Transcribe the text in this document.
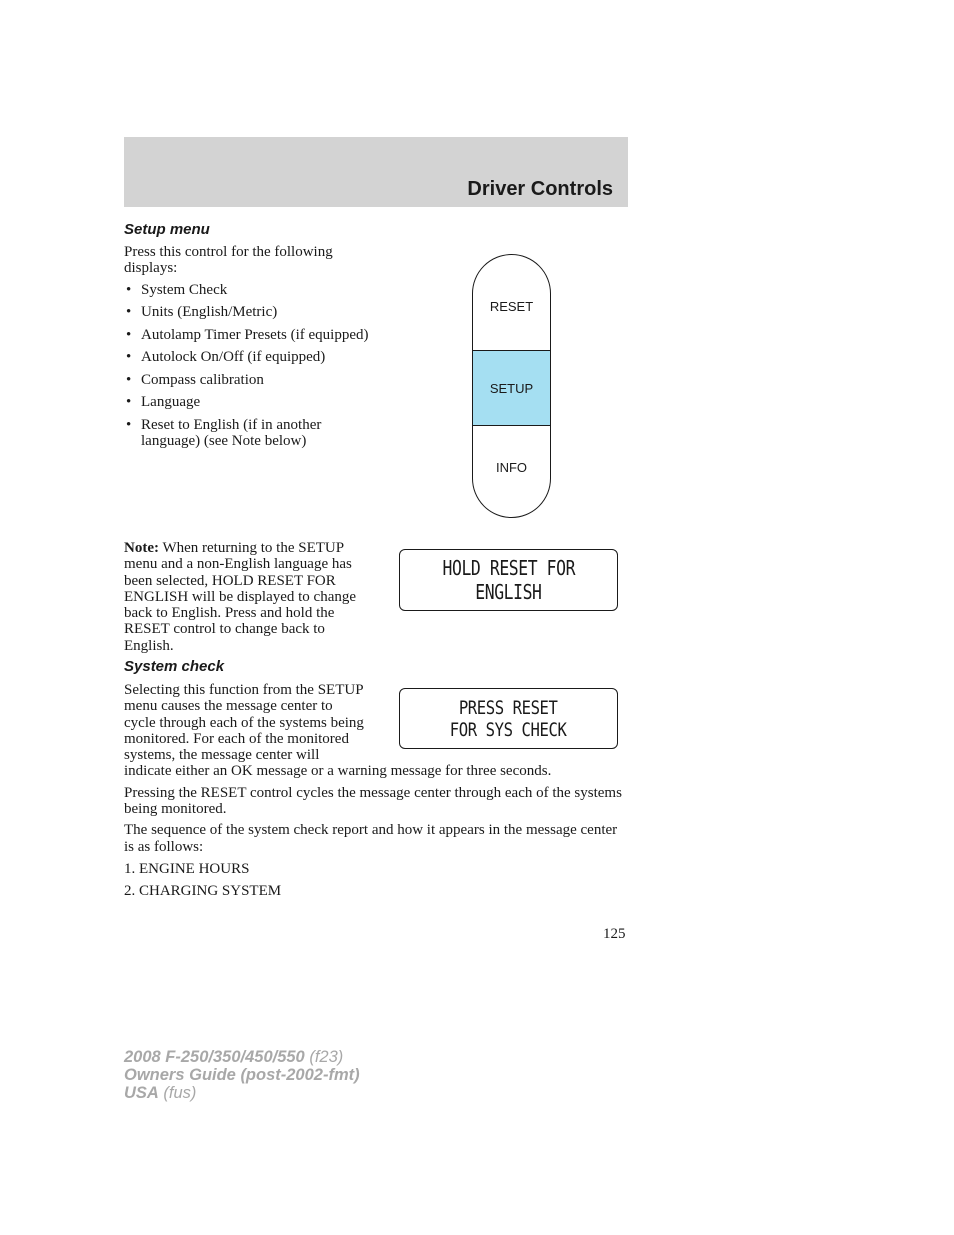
Driver Controls
Setup menu

Press this control for the following displays:

• System Check
• Units (English/Metric)
• Autolamp Timer Presets (if equipped)
• Autolock On/Off (if equipped)
• Compass calibration
• Language
• Reset to English (if in another language) (see Note below)
RESET
SETUP
INFO

Note: When returning to the SETUP menu and a non-English language has been selected, HOLD RESET FOR ENGLISH will be displayed to change back to English. Press and hold the RESET control to change back to English.

HOLD RESET FOR
ENGLISH
System check

Selecting this function from the SETUP menu causes the message center to cycle through each of the systems being monitored. For each of the monitored systems, the message center will indicate either an OK message or a warning message for three seconds.
Pressing the RESET control cycles the message center through each of the systems being monitored.
The sequence of the system check report and how it appears in the message center is as follows:
1. ENGINE HOURS
2. CHARGING SYSTEM
PRESS RESET
FOR SYS CHECK
125
2008 F-250/350/450/550 (f23)
Owners Guide (post-2002-fmt)
USA (fus)
